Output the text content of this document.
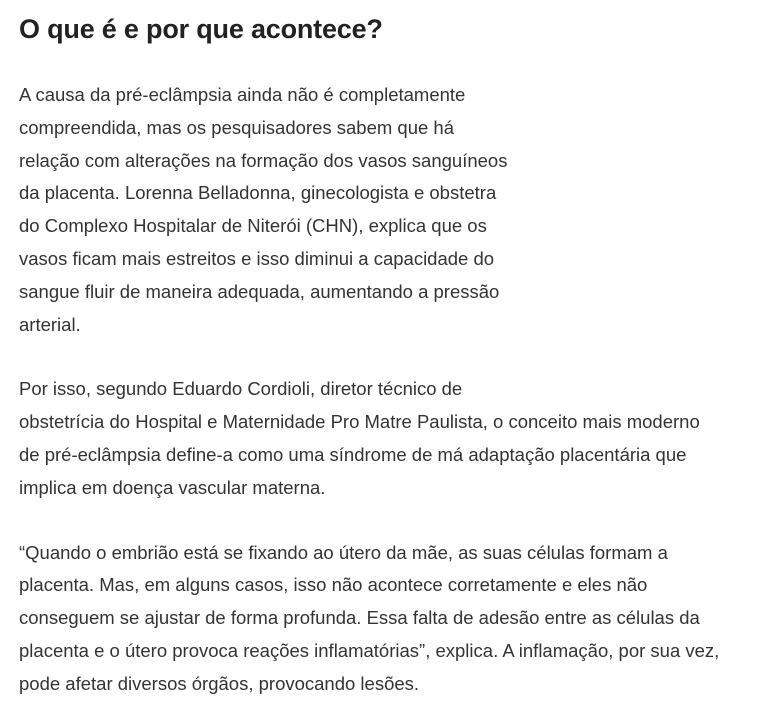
O que é e por que acontece?

A causa da pré-eclâmpsia ainda não é completamente
compreendida, mas os pesquisadores sabem que há
relação com alterações na formação dos vasos sanguíneos
da placenta. Lorenna Belladonna, ginecologista e obstetra
do Complexo Hospitalar de Niterói (CHN), explica que os
vasos ficam mais estreitos e isso diminui a capacidade do
sangue fluir de maneira adequada, aumentando a pressão
arterial.

Por isso, segundo Eduardo Cordioli, diretor técnico de
obstetrícia do Hospital e Maternidade Pro Matre Paulista, o conceito mais moderno
de pré-eclâmpsia define-a como uma síndrome de má adaptação placentária que
implica em doença vascular materna.

“Quando o embrião está se fixando ao útero da mãe, as suas células formam a
placenta. Mas, em alguns casos, isso não acontece corretamente e eles não
conseguem se ajustar de forma profunda. Essa falta de adesão entre as células da
placenta e o útero provoca reações inflamatórias”, explica. A inflamação, por sua vez,
pode afetar diversos órgãos, provocando lesões.
